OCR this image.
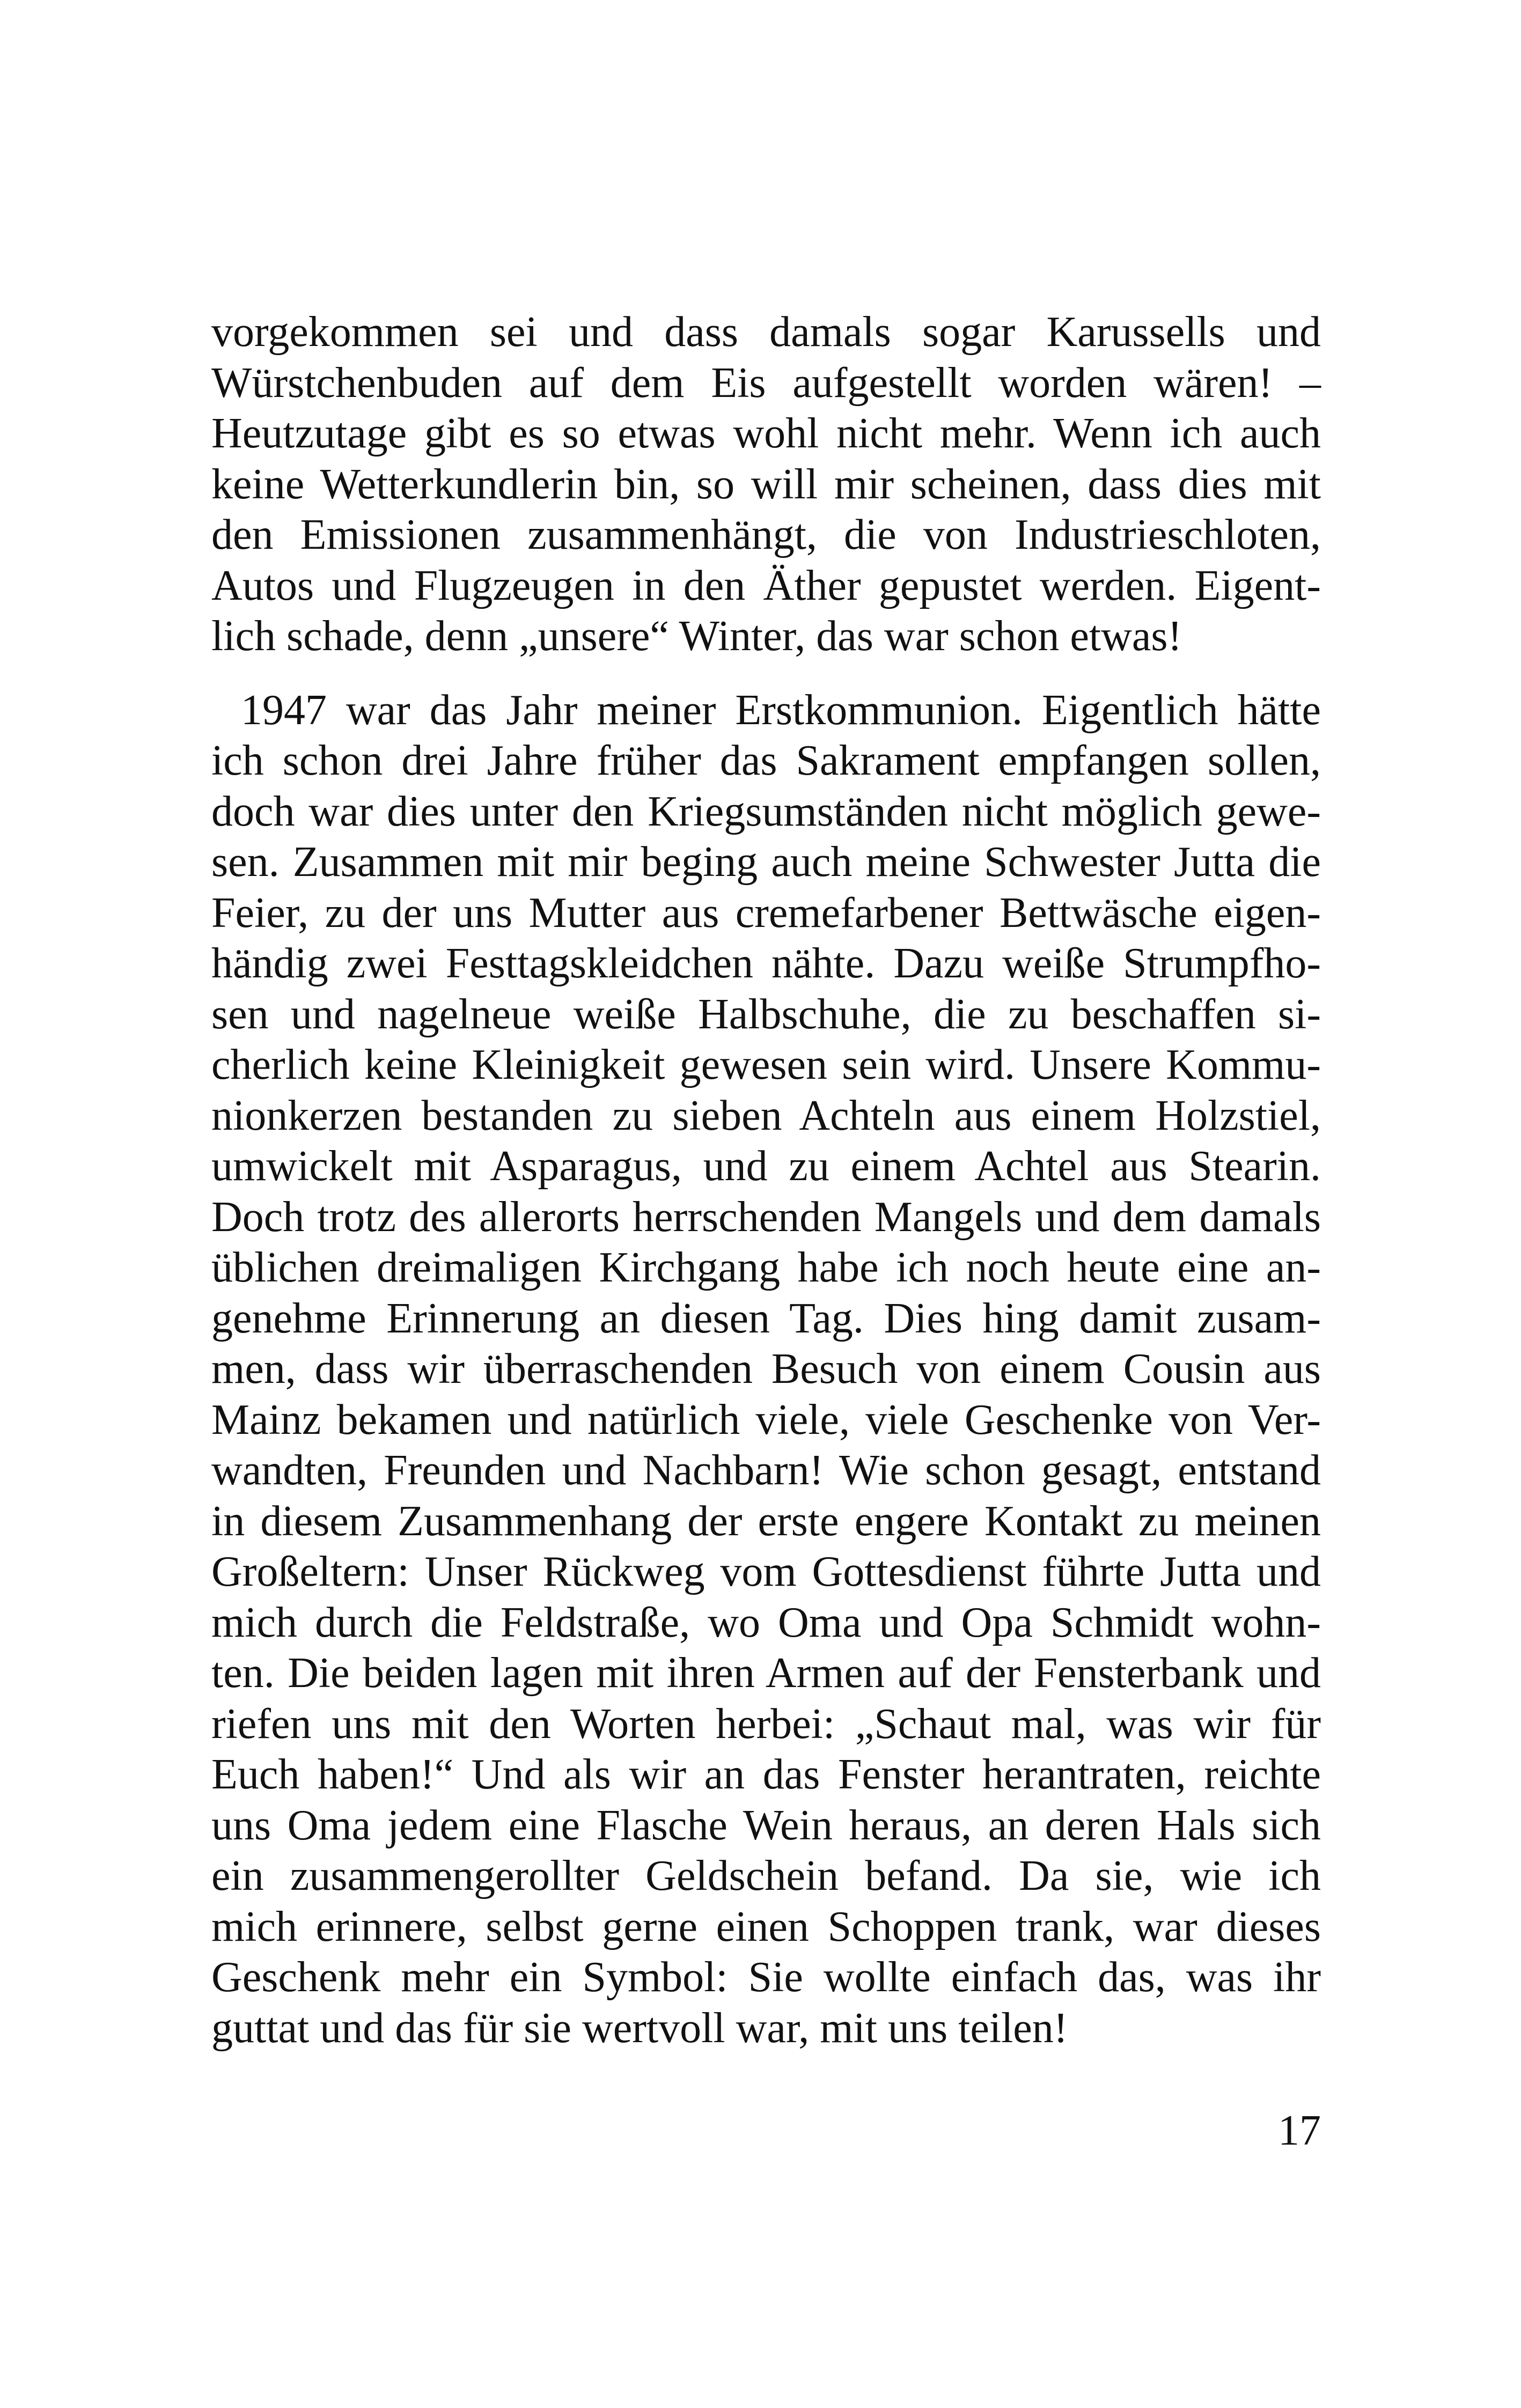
vorgekommen sei und dass damals sogar Karussells und
Würstchenbuden auf dem Eis aufgestellt worden wären! –
Heutzutage gibt es so etwas wohl nicht mehr. Wenn ich auch
keine Wetterkundlerin bin, so will mir scheinen, dass dies mit
den Emissionen zusammenhängt, die von Industrieschloten,
Autos und Flugzeugen in den Äther gepustet werden. Eigent-
lich schade, denn „unsere“ Winter, das war schon etwas!
1947 war das Jahr meiner Erstkommunion. Eigentlich hätte
ich schon drei Jahre früher das Sakrament empfangen sollen,
doch war dies unter den Kriegsumständen nicht möglich gewe-
sen. Zusammen mit mir beging auch meine Schwester Jutta die
Feier, zu der uns Mutter aus cremefarbener Bettwäsche eigen-
händig zwei Festtagskleidchen nähte. Dazu weiße Strumpfho-
sen und nagelneue weiße Halbschuhe, die zu beschaffen si-
cherlich keine Kleinigkeit gewesen sein wird. Unsere Kommu-
nionkerzen bestanden zu sieben Achteln aus einem Holzstiel,
umwickelt mit Asparagus, und zu einem Achtel aus Stearin.
Doch trotz des allerorts herrschenden Mangels und dem damals
üblichen dreimaligen Kirchgang habe ich noch heute eine an-
genehme Erinnerung an diesen Tag. Dies hing damit zusam-
men, dass wir überraschenden Besuch von einem Cousin aus
Mainz bekamen und natürlich viele, viele Geschenke von Ver-
wandten, Freunden und Nachbarn! Wie schon gesagt, entstand
in diesem Zusammenhang der erste engere Kontakt zu meinen
Großeltern: Unser Rückweg vom Gottesdienst führte Jutta und
mich durch die Feldstraße, wo Oma und Opa Schmidt wohn-
ten. Die beiden lagen mit ihren Armen auf der Fensterbank und
riefen uns mit den Worten herbei: „Schaut mal, was wir für
Euch haben!“ Und als wir an das Fenster herantraten, reichte
uns Oma jedem eine Flasche Wein heraus, an deren Hals sich
ein zusammengerollter Geldschein befand. Da sie, wie ich
mich erinnere, selbst gerne einen Schoppen trank, war dieses
Geschenk mehr ein Symbol: Sie wollte einfach das, was ihr
guttat und das für sie wertvoll war, mit uns teilen!
17
